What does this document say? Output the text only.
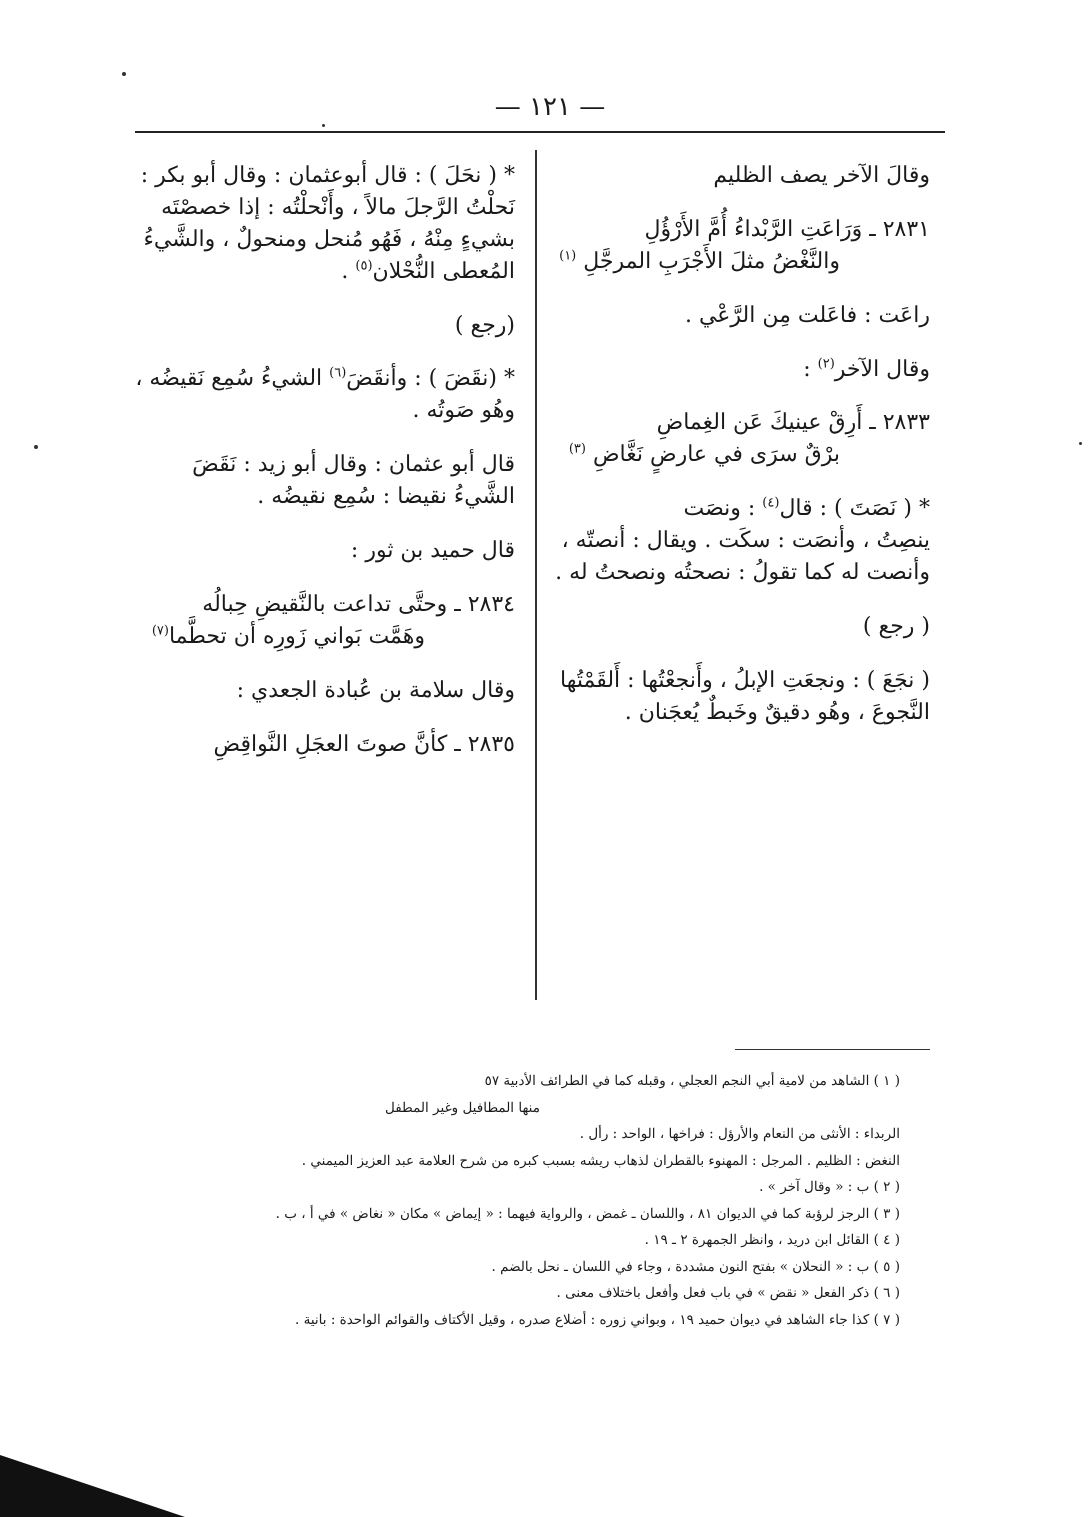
— ١٢١ —

وقالَ الآخر يصف الظليم

٢٨٣١ ـ وَرَاعَتِ الرَّبْداءُ أُمَّ الأَرْؤُلِ

والنَّغْضُ مثلَ الأَجْرَبِ المرجَّلِ $^{(١)}$

راعَت : فاعَلت مِن الرَّعْي .

وقال الآخر$^{(٢)}$ :

٢٨٣٣ ـ أَرِقْ عينيكَ عَن الغِماضِ

برْقٌ سرَى في عارضٍ نَغَّاضِ $^{(٣)}$

* ( نَصَتَ ) : قال$^{(٤)}$ : ونصَت

ينصِتُ ، وأنصَت : سكَت . ويقال : أنصتّه ، وأنصت له كما تقولُ : نصحتُه ونصحتُ له .

( رجع )

( نجَعَ ) : ونجعَتِ الإبلُ ، وأَنجعْتُها : أَلقَمْتُها النَّجوعَ ، وهُو دقيقٌ وخَبطٌ يُعجَنان .

* ( نحَلَ ) : قال أبوعثمان : وقال أبو بكر : نَحلْتُ الرَّجلَ مالاً ، وأَنْحلْتُه : إذا خصصْتَه بشيءٍ مِنْهُ ، فَهُو مُنحل ومنحولٌ ، والشَّيءُ المُعطى النُّحْلان$^{(٥)}$ .

(رجع )

* (نقَضَ ) : وأنقَضَ$^{(٦)}$ الشيءُ سُمِع نَقيضُه ، وهُو صَوتُه .

قال أبو عثمان : وقال أبو زيد : نَقَضَ الشَّيءُ نقيضا : سُمِع نقيضُه .

قال حميد بن ثور :

٢٨٣٤ ـ وحتَّى تداعت بالنَّقيضِ حِبالُه

وهَمَّت بَواني زَورِه أن تحطَّما$^{(٧)}$

وقال سلامة بن عُبادة الجعدي :

٢٨٣٥ ـ كأنَّ صوتَ العجَلِ النَّواقِضِ

( ١ ) الشاهد من لامية أبي النجم العجلي ، وقبله كما في الطرائف الأدبية ٥٧

منها المطافيل وغير المطفل

الربداء : الأنثى من النعام والأرؤل : فراخها ، الواحد : رأل .

النغض : الظليم . المرجل : المهنوء بالقطران لذهاب ريشه بسبب كبره من شرح العلامة عبد العزيز الميمني .

( ٢ ) ب : « وقال آخر » .

( ٣ ) الرجز لرؤبة كما في الديوان ٨١ ، واللسان ـ غمض ، والرواية فيهما : « إيماض » مكان « نغاض » في أ ، ب .

( ٤ ) القائل ابن دريد ، وانظر الجمهرة ٢ ـ ١٩ .

( ٥ ) ب : « النحلان » بفتح النون مشددة ، وجاء في اللسان ـ نحل بالضم .

( ٦ ) ذكر الفعل « نقض » في باب فعل وأفعل باختلاف معنى .

( ٧ ) كذا جاء الشاهد في ديوان حميد ١٩ ، وبواني زوره : أضلاع صدره ، وقيل الأكتاف والقوائم الواحدة : بانية .
